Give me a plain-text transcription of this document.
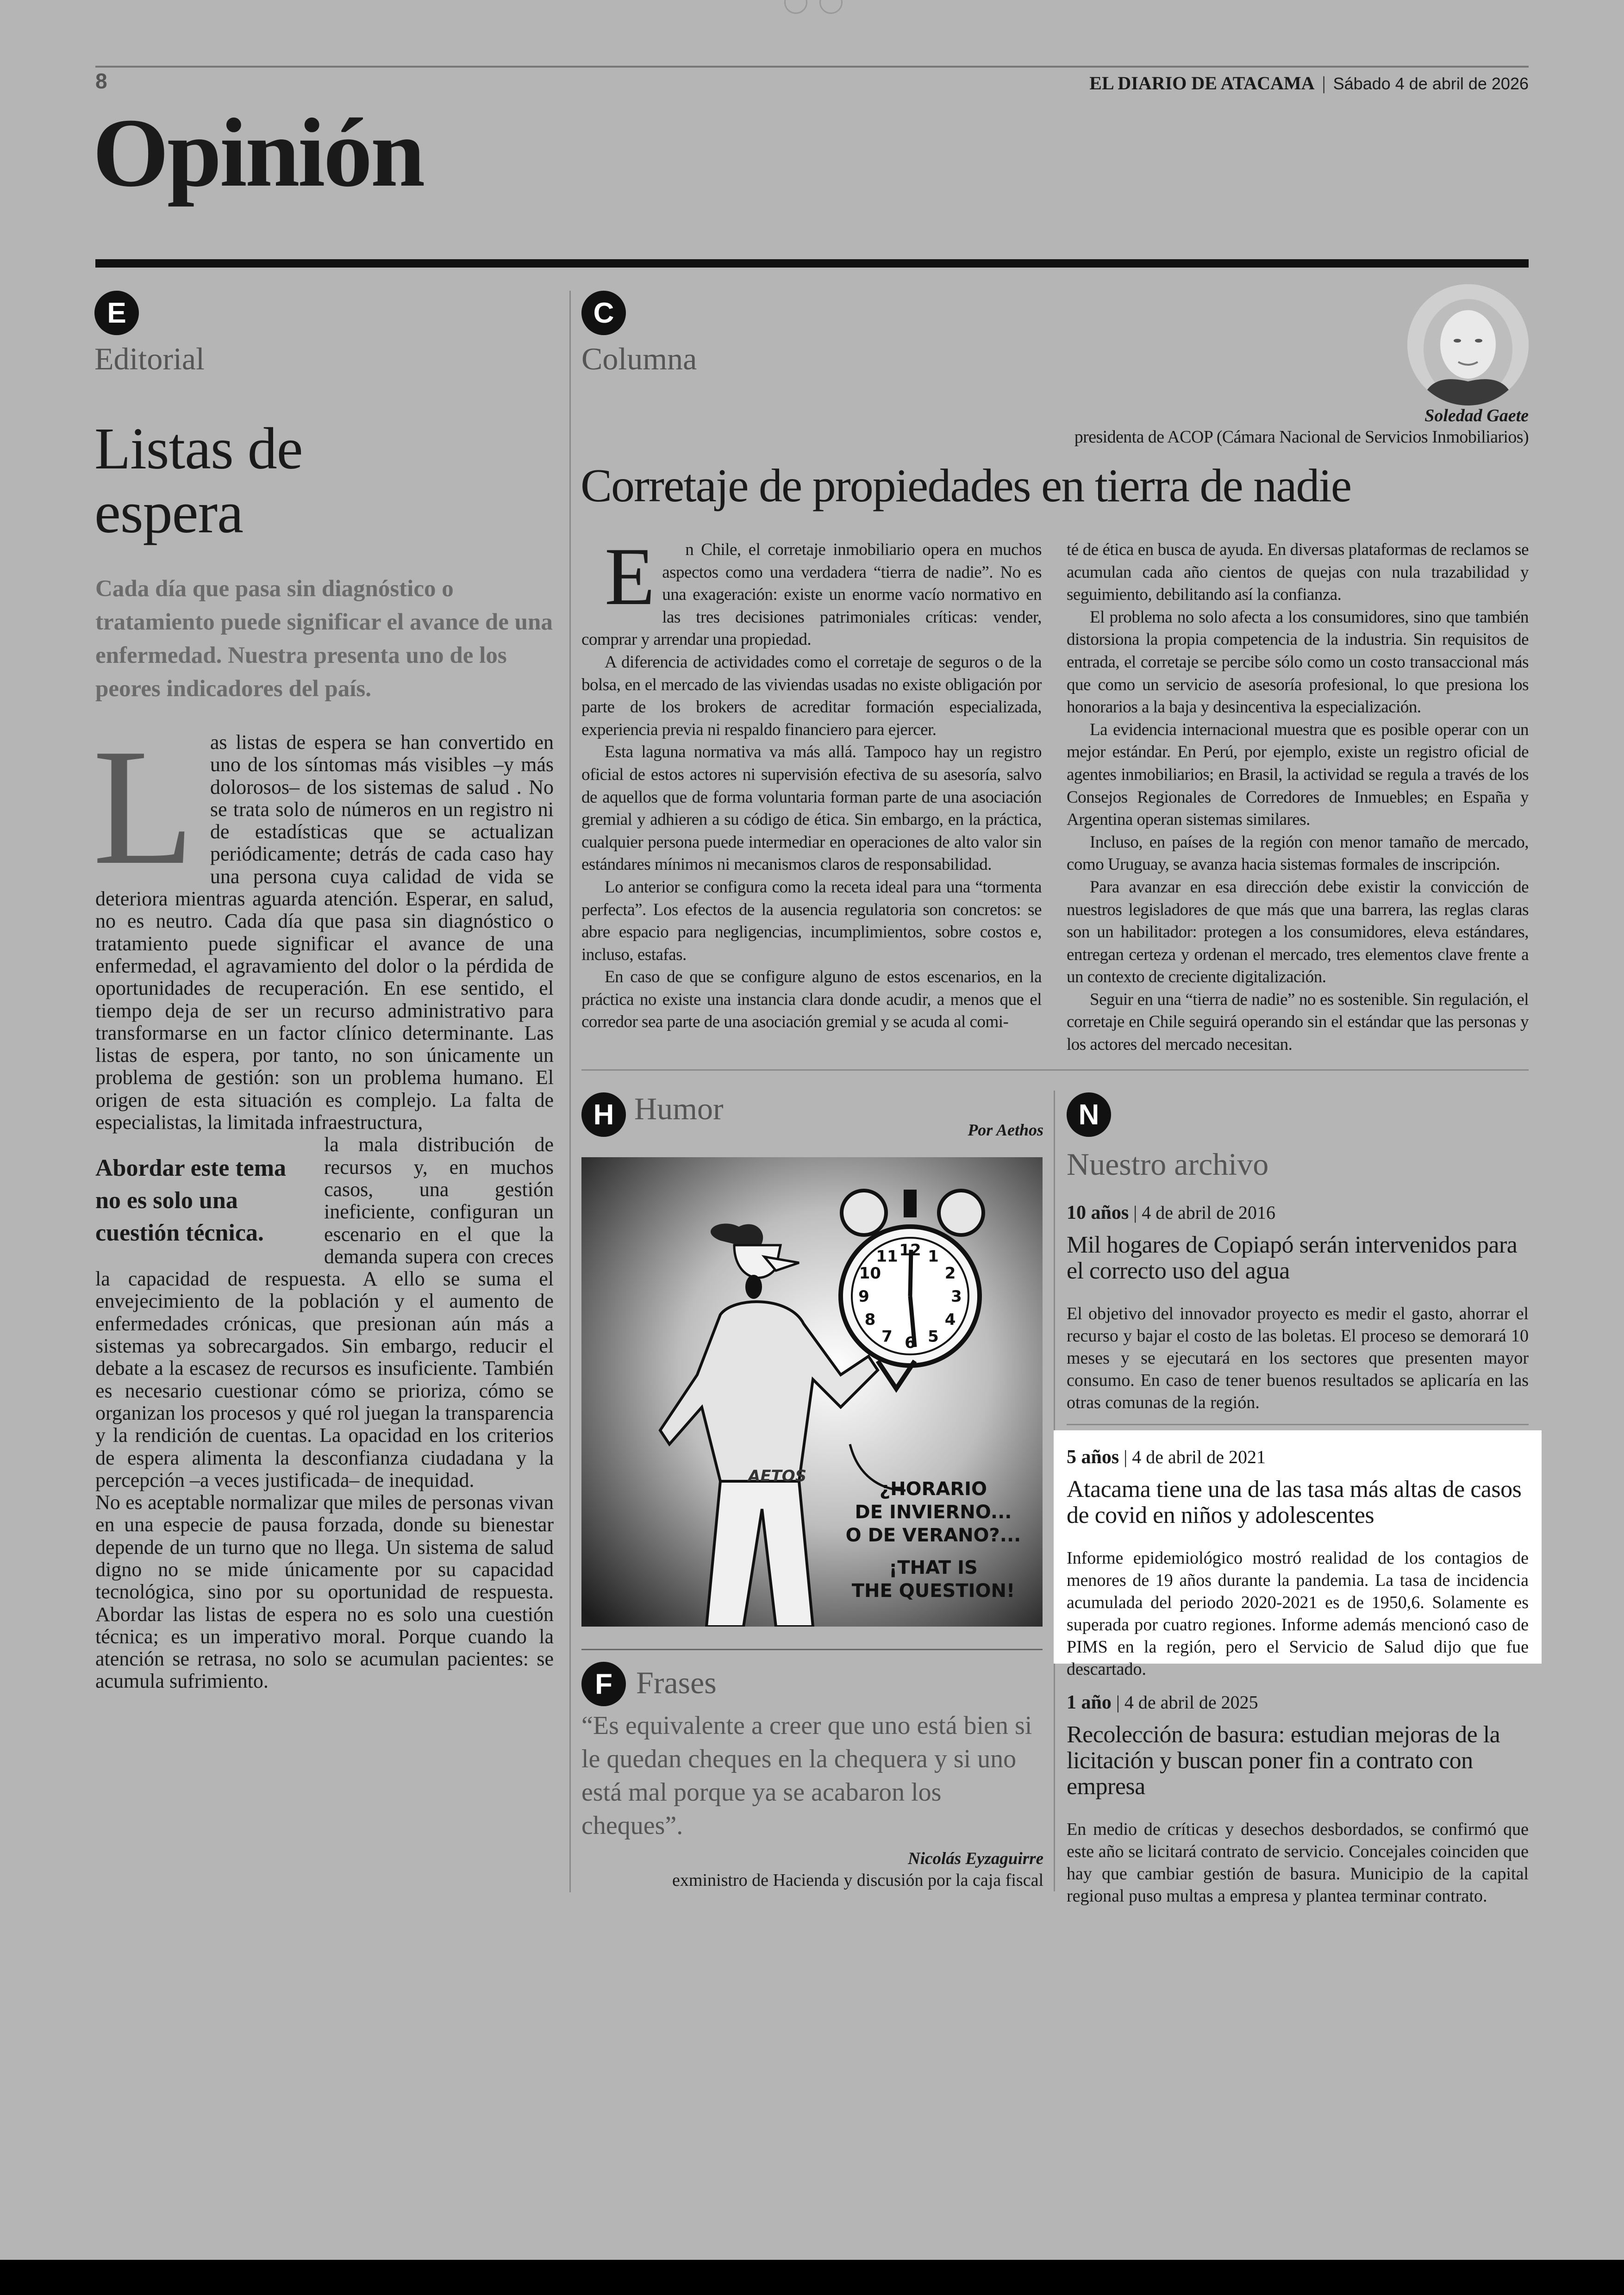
8	EL DIARIO DE ATACAMA | Sábado 4 de abril de 2026
Opinión
E
Editorial
Listas de
espera
Cada día que pasa sin diagnóstico o tratamiento puede significar el avance de una enfermedad. Nuestra presenta uno de los peores indicadores del país.
L as listas de espera se han convertido en uno de los síntomas más visibles –y más dolorosos– de los sistemas de salud . No se trata solo de números en un registro ni de estadísticas que se actualizan periódicamente; detrás de cada caso hay una persona cuya calidad de vida se deteriora mientras aguarda atención. Esperar, en salud, no es neutro. Cada día que pasa sin diagnóstico o tratamiento puede significar el avance de una enfermedad, el agravamiento del dolor o la pérdida de oportunidades de recuperación. En ese sentido, el tiempo deja de ser un recurso administrativo para transformarse en un factor clínico determinante. Las listas de espera, por tanto, no son únicamente un problema de gestión: son un problema humano. El origen de esta situación es complejo. La falta de especialistas, la limitada infraestructura,
Abordar este tema no es solo una cuestión técnica.
la mala distribución de recursos y, en muchos casos, una gestión ineficiente, configuran un escenario en el que la demanda supera con creces la capacidad de respuesta. A ello se suma el envejecimiento de la población y el aumento de enfermedades crónicas, que presionan aún más a sistemas ya sobrecargados. Sin embargo, reducir el debate a la escasez de recursos es insuficiente. También es necesario cuestionar cómo se prioriza, cómo se organizan los procesos y qué rol juegan la transparencia y la rendición de cuentas. La opacidad en los criterios de espera alimenta la desconfianza ciudadana y la percepción –a veces justificada– de inequidad.
No es aceptable normalizar que miles de personas vivan en una especie de pausa forzada, donde su bienestar depende de un turno que no llega. Un sistema de salud digno no se mide únicamente por su capacidad tecnológica, sino por su oportunidad de respuesta. Abordar las listas de espera no es solo una cuestión técnica; es un imperativo moral. Porque cuando la atención se retrasa, no solo se acumulan pacientes: se acumula sufrimiento.
C
Columna
Soledad Gaete
presidenta de ACOP (Cámara Nacional de Servicios Inmobiliarios)
Corretaje de propiedades en tierra de nadie
E	n Chile, el corretaje inmobiliario opera en muchos aspectos como una verdadera “tierra de nadie”. No es una exageración: existe un enorme vacío normativo en las tres decisiones patrimoniales críticas: vender, comprar y arrendar una propiedad.

A diferencia de actividades como el corretaje de seguros o de la bolsa, en el mercado de las viviendas usadas no existe obligación por parte de los brokers de acreditar formación especializada, experiencia previa ni respaldo financiero para ejercer.

Esta laguna normativa va más allá. Tampoco hay un registro oficial de estos actores ni supervisión efectiva de su asesoría, salvo de aquellos que de forma voluntaria forman parte de una asociación gremial y adhieren a su código de ética. Sin embargo, en la práctica, cualquier persona puede intermediar en operaciones de alto valor sin estándares mínimos ni mecanismos claros de responsabilidad.

Lo anterior se configura como la receta ideal para una “tormenta perfecta”. Los efectos de la ausencia regulatoria son concretos: se abre espacio para negligencias, incumplimientos, sobre costos e, incluso, estafas.

En caso de que se configure alguno de estos escenarios, en la práctica no existe una instancia clara donde acudir, a menos que el corredor sea parte de una asociación gremial y se acuda al comi-

té de ética en busca de ayuda. En diversas plataformas de reclamos se acumulan cada año cientos de quejas con nula trazabilidad y seguimiento, debilitando así la confianza.

El problema no solo afecta a los consumidores, sino que también distorsiona la propia competencia de la industria. Sin requisitos de entrada, el corretaje se percibe sólo como un costo transaccional más que como un servicio de asesoría profesional, lo que presiona los honorarios a la baja y desincentiva la especialización.

La evidencia internacional muestra que es posible operar con un mejor estándar. En Perú, por ejemplo, existe un registro oficial de agentes inmobiliarios; en Brasil, la actividad se regula a través de los Consejos Regionales de Corredores de Inmuebles; en España y Argentina operan sistemas similares.

Incluso, en países de la región con menor tamaño de mercado, como Uruguay, se avanza hacia sistemas formales de inscripción.

Para avanzar en esa dirección debe existir la convicción de nuestros legisladores de que más que una barrera, las reglas claras son un habilitador: protegen a los consumidores, eleva estándares, entregan certeza y ordenan el mercado, tres elementos clave frente a un contexto de creciente digitalización.

Seguir en una “tierra de nadie” no es sostenible. Sin regulación, el corretaje en Chile seguirá operando sin el estándar que las personas y los actores del mercado necesitan.

H Humor
Por Aethos
12 1
2
3
4
5
6
7
8
9
10
11
AETOS
¿HORARIO
DE INVIERNO...
O DE VERANO?...
¡THAT IS
THE QUESTION!
F Frases
“Es equivalente a creer que uno está bien si le quedan cheques en la chequera y si uno está mal porque ya se acabaron los cheques”.
Nicolás Eyzaguirre
exministro de Hacienda y discusión por la caja fiscal
N
Nuestro archivo
10 años | 4 de abril de 2016
Mil hogares de Copiapó serán intervenidos para el correcto uso del agua
El objetivo del innovador proyecto es medir el gasto, ahorrar el recurso y bajar el costo de las boletas. El proceso se demorará 10 meses y se ejecutará en los sectores que presenten mayor consumo. En caso de tener buenos resultados se aplicaría en las otras comunas de la región.
5 años | 4 de abril de 2021
Atacama tiene una de las tasa más altas de casos de covid en niños y adolescentes
Informe epidemiológico mostró realidad de los contagios de menores de 19 años durante la pandemia. La tasa de incidencia acumulada del periodo 2020-2021 es de 1950,6. Solamente es superada por cuatro regiones. Informe además mencionó caso de PIMS en la región, pero el Servicio de Salud dijo que fue descartado.
1 año | 4 de abril de 2025
Recolección de basura: estudian mejoras de la licitación y buscan poner fin a contrato con empresa
En medio de críticas y desechos desbordados, se confirmó que este año se licitará contrato de servicio. Concejales coinciden que hay que cambiar gestión de basura. Municipio de la capital regional puso multas a empresa y plantea terminar contrato.
